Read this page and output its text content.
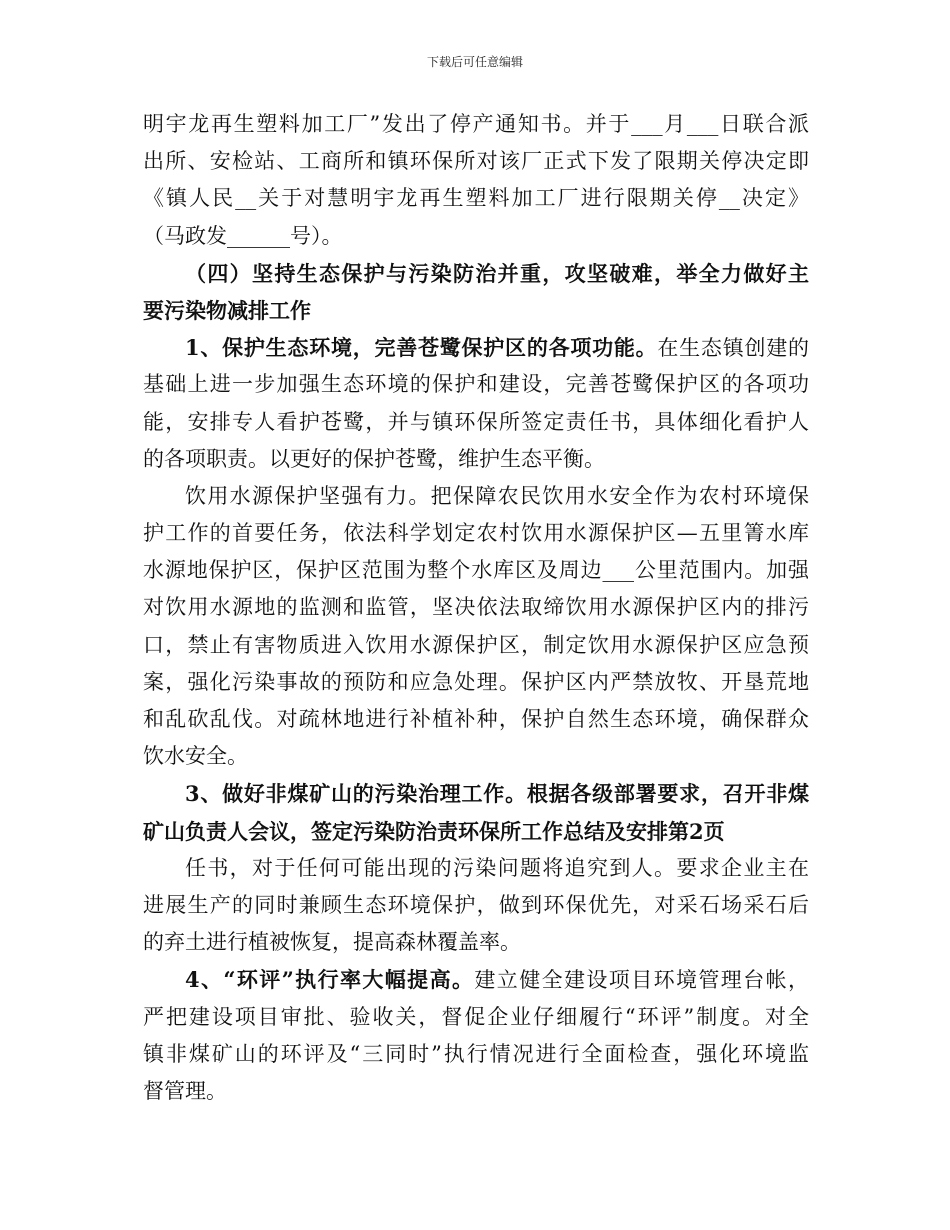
下载后可任意编辑
明宇龙再生塑料加工厂”发出了停产通知书。并于___月___日联合派
出所、安检站、工商所和镇环保所对该厂正式下发了限期关停决定即
《镇人民__关于对慧明宇龙再生塑料加工厂进行限期关停__决定》
（马政发______号）。
（四）坚持生态保护与污染防治并重，攻坚破难，举全力做好主
要污染物减排工作
1、保护生态环境，完善苍鹭保护区的各项功能。在生态镇创建的
基础上进一步加强生态环境的保护和建设，完善苍鹭保护区的各项功
能，安排专人看护苍鹭，并与镇环保所签定责任书，具体细化看护人
的各项职责。以更好的保护苍鹭，维护生态平衡。
饮用水源保护坚强有力。把保障农民饮用水安全作为农村环境保
护工作的首要任务，依法科学划定农村饮用水源保护区—五里箐水库
水源地保护区，保护区范围为整个水库区及周边___公里范围内。加强
对饮用水源地的监测和监管，坚决依法取缔饮用水源保护区内的排污
口，禁止有害物质进入饮用水源保护区，制定饮用水源保护区应急预
案，强化污染事故的预防和应急处理。保护区内严禁放牧、开垦荒地
和乱砍乱伐。对疏林地进行补植补种，保护自然生态环境，确保群众
饮水安全。
3、做好非煤矿山的污染治理工作。根据各级部署要求，召开非煤
矿山负责人会议，签定污染防治责环保所工作总结及安排第2页
任书，对于任何可能出现的污染问题将追究到人。要求企业主在
进展生产的同时兼顾生态环境保护，做到环保优先，对采石场采石后
的弃土进行植被恢复，提高森林覆盖率。
4、“环评”执行率大幅提高。建立健全建设项目环境管理台帐，
严把建设项目审批、验收关，督促企业仔细履行“环评”制度。对全
镇非煤矿山的环评及“三同时”执行情况进行全面检查，强化环境监
督管理。
